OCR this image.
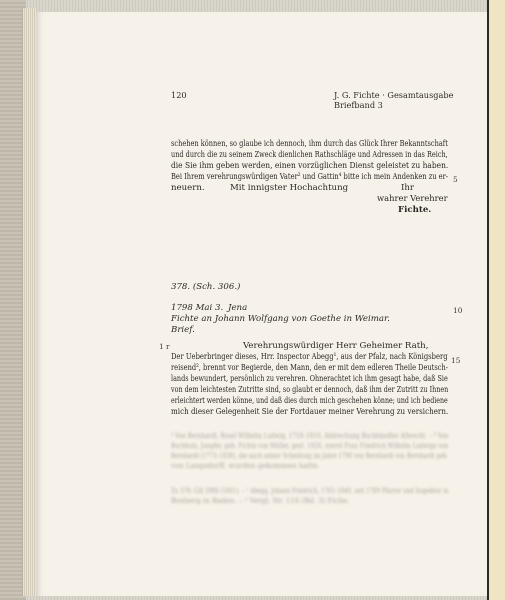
120	J. G. Fichte · Gesamtausgabe Briefband 3
schehen können, so glaube ich dennoch, ihm durch das Glück Ihrer Bekanntschaft
und durch die zu seinem Zweck dienlichen Rathschläge und Adressen in das Reich,
die Sie ihm geben werden, einen vorzüglichen Dienst geleistet zu haben.
Bei Ihrem verehrungswürdigen Vater² und Gattin⁴ bitte ich mein Andenken zu er-
neuern.
5
Mit innigster Hochachtung	Ihr
wahrer Verehrer
Fichte.
378. (Sch. 306.)
1798 Mai 3. Jena	10
Fichte an Johann Wolfgang von Goethe in Weimar.
Brief.
1 r	Verehrungswürdiger Herr Geheimer Rath,
Der Ueberbringer dieses, Hrr. Inspector Abegg¹, aus der Pfalz, nach Königsberg
reisend², brennt vor Begierde, den Mann, den er mit dem edleren Theile Deutsch-
15
lands bewundert, persönlich zu verehren. Ohnerachtet ich ihm gesagt habe, daß Sie
von dem leichtesten Zutritte sind, so glaubt er dennoch, daß ihm der Zutritt zu Ihnen
erleichtert werden könne, und daß dies durch mich geschehen könne; und ich bediene
mich dieser Gelegenheit Sie der Fortdauer meiner Verehrung zu versichern.
³ Von Bernhardi, Rosel Wilhelm Ludwig, 1759–1810, Abbrechung Buchhändler Albrecht. – ⁴ Von
Buchholz, Jungfer, geb. Fichte von Müller, gest. 1826, zuerst Frau Friedrich Wilhelm Ludwigs von
Bernhardi (1773–1838), die nach seiner Scheidung im Jahre 1790 von Bernhardi von Bernhardi geb.
von Langsdorff, wurden gekommen hatte.
Zu 378: Gill 2986 (1861). – ¹ Abegg, Johann Friedrich, 1765–1840, seit 1789 Pfarrer und Inspektor in
Boxberg in Baden. – ² Vergl. Nr. 116 (Bd. 3) Fiche.
